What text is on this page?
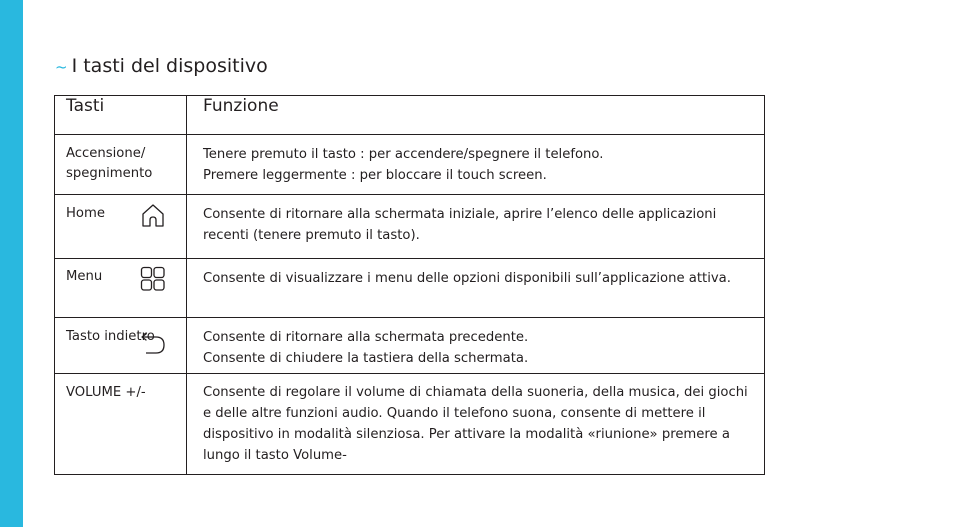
~ I tasti del dispositivo
Tasti	Funzione

Accensione/ spegnimento	Tenere premuto il tasto : per accendere/spegnere il telefono.
Premere leggermente : per bloccare il touch screen.

Home	Consente di ritornare alla schermata iniziale, aprire l’elenco delle applicazioni recenti (tenere premuto il tasto).

Menu	Consente di visualizzare i menu delle opzioni disponibili sull’applicazione attiva.

Tasto indietro	Consente di ritornare alla schermata precedente.
Consente di chiudere la tastiera della schermata.

VOLUME +/-	Consente di regolare il volume di chiamata della suoneria, della musica, dei giochi e delle altre funzioni audio. Quando il telefono suona, consente di mettere il dispositivo in modalità silenziosa. Per attivare la modalità «riunione» premere a lungo il tasto Volume-
